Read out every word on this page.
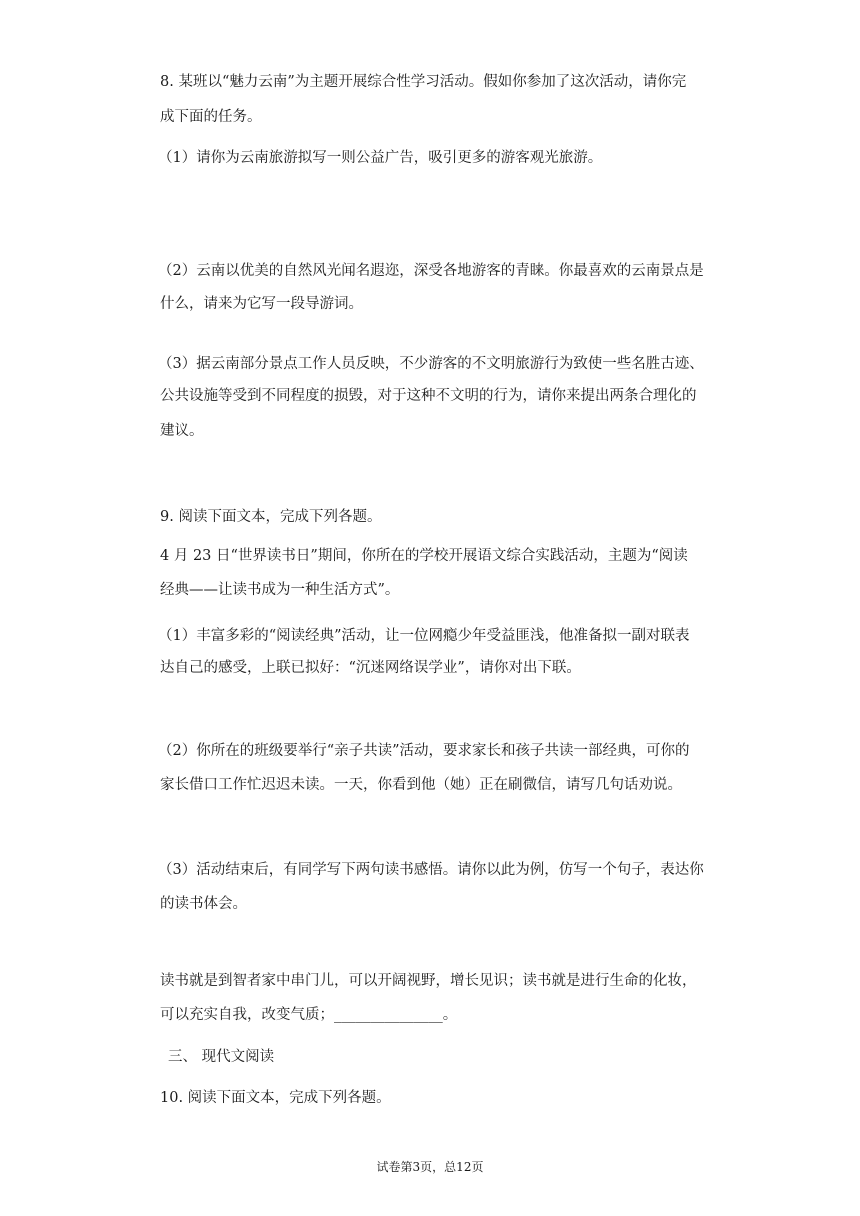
8. 某班以“魅力云南”为主题开展综合性学习活动。假如你参加了这次活动，请你完
成下面的任务。
（1）请你为云南旅游拟写一则公益广告，吸引更多的游客观光旅游。
（2）云南以优美的自然风光闻名遐迩，深受各地游客的青睐。你最喜欢的云南景点是
什么，请来为它写一段导游词。
（3）据云南部分景点工作人员反映，不少游客的不文明旅游行为致使一些名胜古迹、
公共设施等受到不同程度的损毁，对于这种不文明的行为，请你来提出两条合理化的
建议。
9. 阅读下面文本，完成下列各题。
4 月 23 日“世界读书日”期间，你所在的学校开展语文综合实践活动，主题为“阅读
经典——让读书成为一种生活方式”。
（1）丰富多彩的“阅读经典”活动，让一位网瘾少年受益匪浅，他准备拟一副对联表
达自己的感受，上联已拟好：“沉迷网络误学业”，请你对出下联。
（2）你所在的班级要举行“亲子共读”活动，要求家长和孩子共读一部经典，可你的
家长借口工作忙迟迟未读。一天，你看到他（她）正在刷微信，请写几句话劝说。
（3）活动结束后，有同学写下两句读书感悟。请你以此为例，仿写一个句子，表达你
的读书体会。
读书就是到智者家中串门儿，可以开阔视野，增长见识；读书就是进行生命的化妆，
可以充实自我，改变气质；_______________。
三、 现代文阅读
10. 阅读下面文本，完成下列各题。
试卷第3页，总12页
